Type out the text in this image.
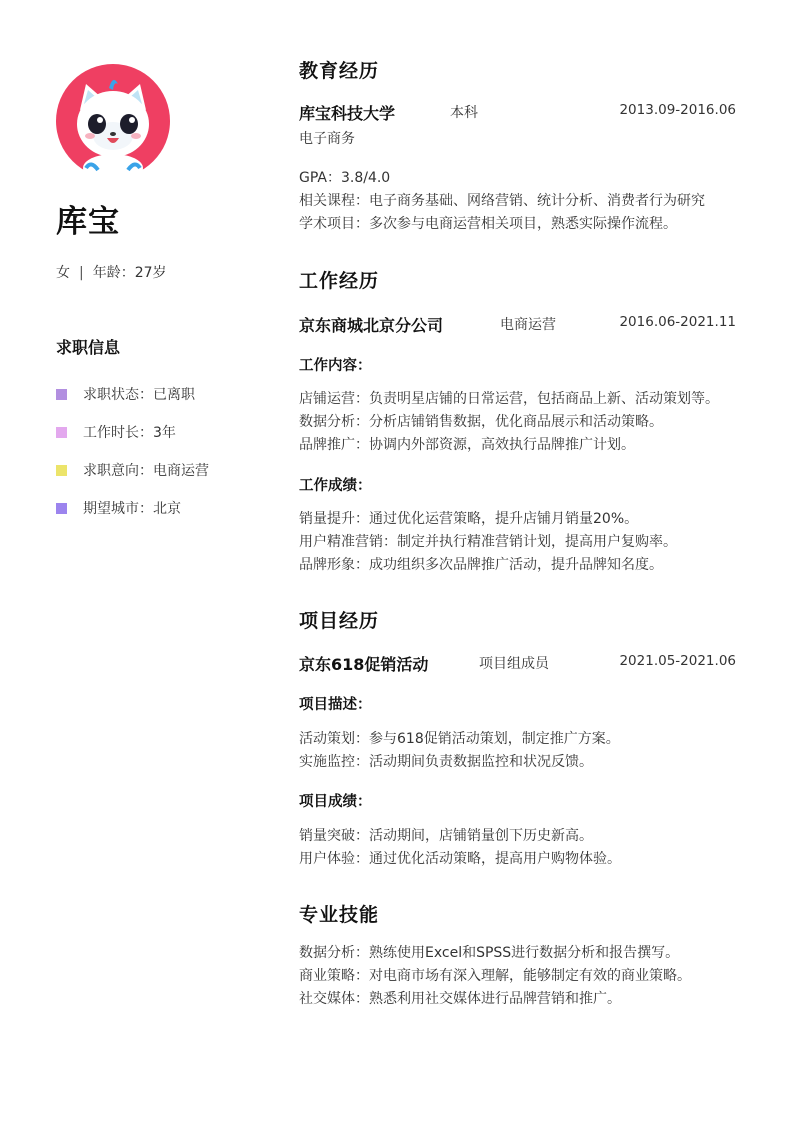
库宝
女 | 年龄：27岁
求职信息
求职状态：已离职
工作时长：3年
求职意向：电商运营
期望城市：北京
教育经历
库宝科技大学	本科	2013.09-2016.06
电子商务
GPA：3.8/4.0
相关课程：电子商务基础、网络营销、统计分析、消费者行为研究
学术项目：多次参与电商运营相关项目，熟悉实际操作流程。
工作经历
京东商城北京分公司	电商运营	2016.06-2021.11
工作内容：
店铺运营：负责明星店铺的日常运营，包括商品上新、活动策划等。
数据分析：分析店铺销售数据，优化商品展示和活动策略。
品牌推广：协调内外部资源，高效执行品牌推广计划。
工作成绩：
销量提升：通过优化运营策略，提升店铺月销量20%。
用户精准营销：制定并执行精准营销计划，提高用户复购率。
品牌形象：成功组织多次品牌推广活动，提升品牌知名度。
项目经历
京东618促销活动	项目组成员	2021.05-2021.06
项目描述：
活动策划：参与618促销活动策划，制定推广方案。
实施监控：活动期间负责数据监控和状况反馈。
项目成绩：
销量突破：活动期间，店铺销量创下历史新高。
用户体验：通过优化活动策略，提高用户购物体验。
专业技能
数据分析：熟练使用Excel和SPSS进行数据分析和报告撰写。
商业策略：对电商市场有深入理解，能够制定有效的商业策略。
社交媒体：熟悉利用社交媒体进行品牌营销和推广。
